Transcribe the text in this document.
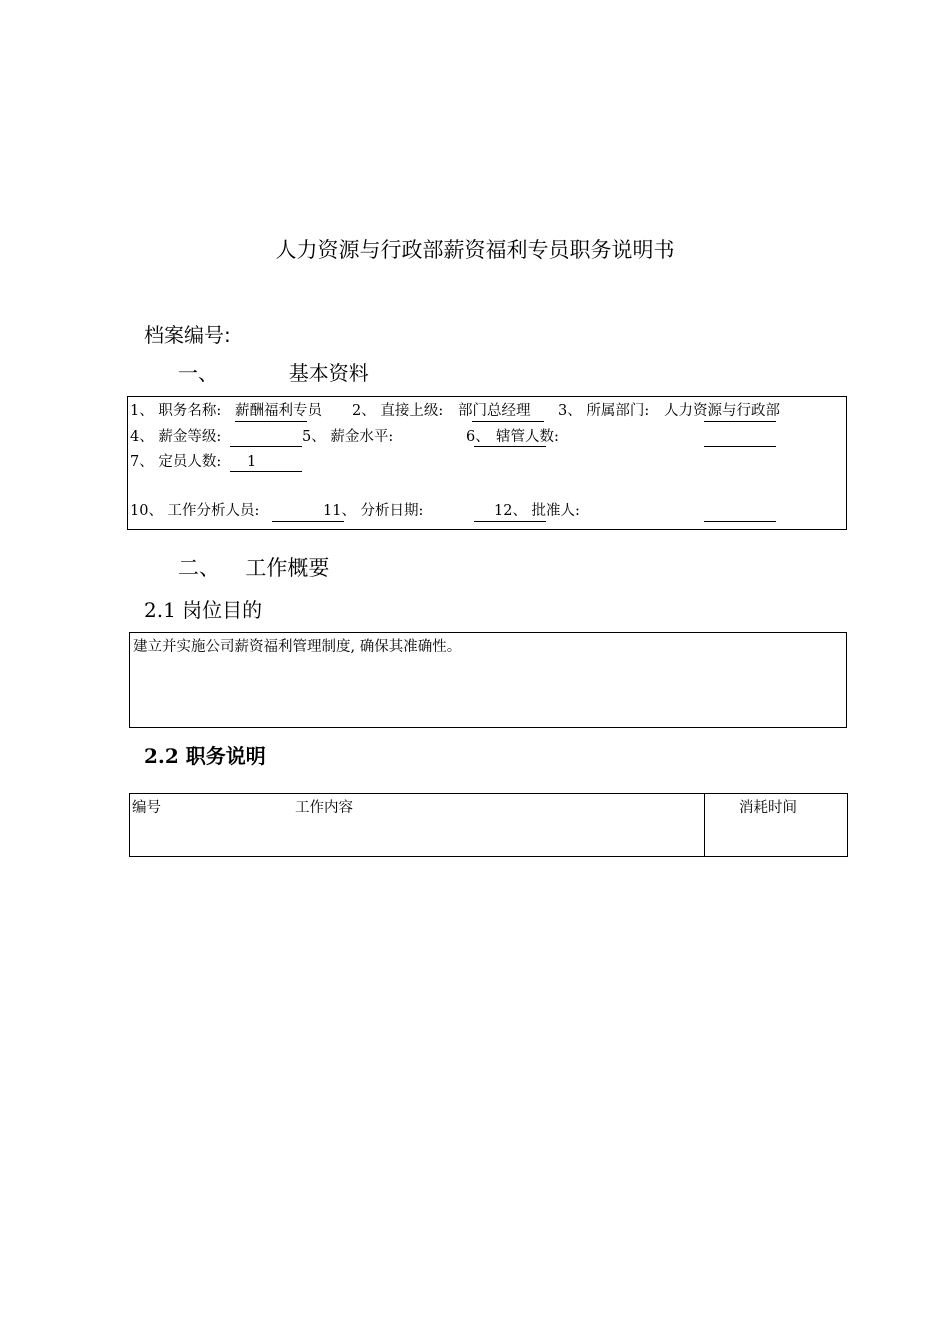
人力资源与行政部薪资福利专员职务说明书
档案编号:
一、	基本资料
1、 职务名称: 薪酬福利专员 2、 直接上级: 部门总经理 3、 所属部门: 人力资源与行政部
4、 薪金等级:	5、 薪金水平:	6、 辖管人数:
7、 定员人数: 1
10、 工作分析人员:	11、 分析日期:	12、 批准人:
二、 工作概要
2.1 岗位目的
建立并实施公司薪资福利管理制度, 确保其准确性。
2.2 职务说明
编号	工作内容	消耗时间
